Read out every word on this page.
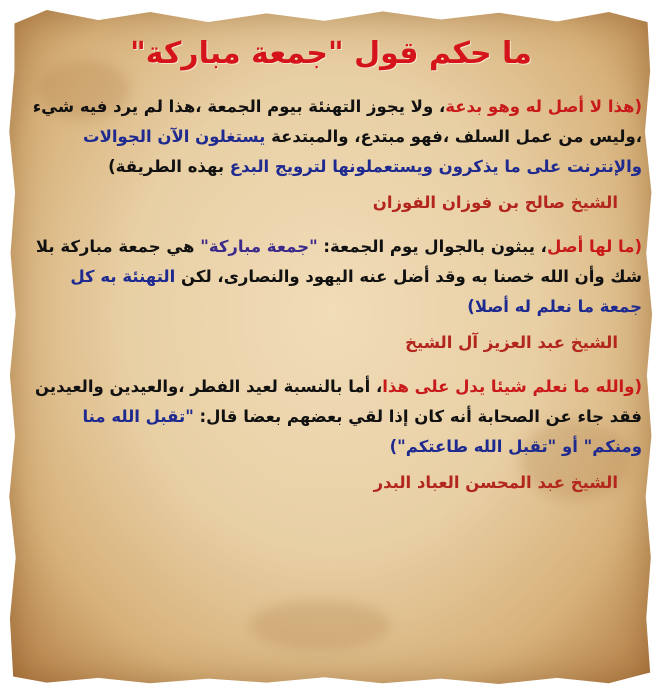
ما حكم قول "جمعة مباركة"

(هذا لا أصل له وهو بدعة، ولا يجوز التهنئة بيوم الجمعة ،هذا لم يرد فيه شيء ،وليس من عمل السلف ،فهو مبتدع، والمبتدعة يستغلون الآن الجوالات والإنترنت على ما يذكرون ويستعملونها لترويج البدع بهذه الطريقة)

الشيخ صالح بن فوزان الفوزان

(ما لها أصل، يبثون بالجوال يوم الجمعة: "جمعة مباركة" هي جمعة مباركة بلا شك وأن الله خصنا به وقد أضل عنه اليهود والنصارى، لكن التهنئة به كل جمعة ما نعلم له أصلا)

الشيخ عبد العزيز آل الشيخ

(والله ما نعلم شيئا يدل على هذا، أما بالنسبة لعيد الفطر ،والعيدين والعيدين فقد جاء عن الصحابة أنه كان إذا لقي بعضهم بعضا قال: "تقبل الله منا ومنكم" أو "تقبل الله طاعتكم")

الشيخ عبد المحسن العباد البدر
